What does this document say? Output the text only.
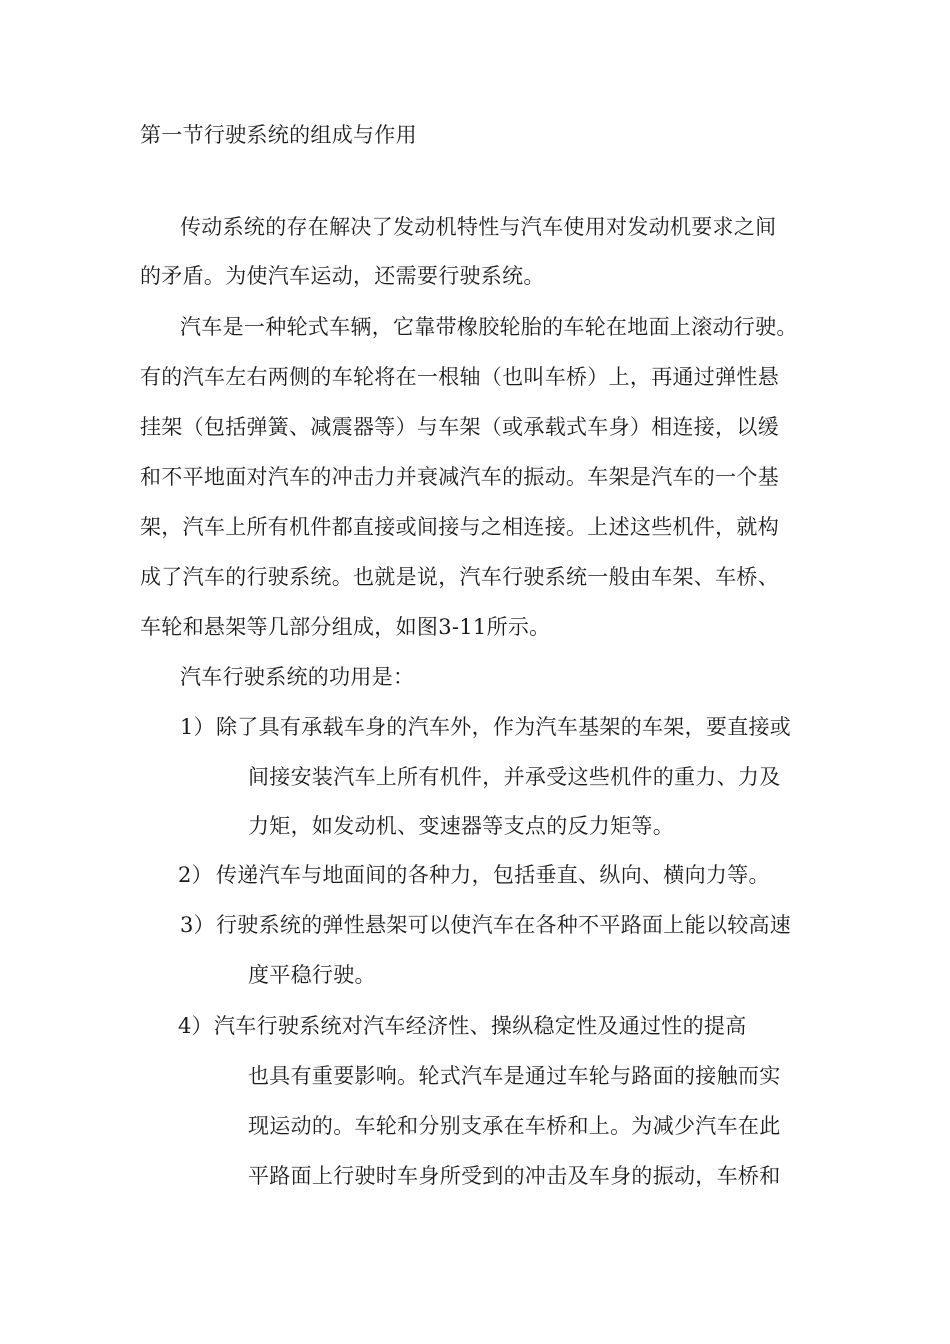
第一节行驶系统的组成与作用
传动系统的存在解决了发动机特性与汽车使用对发动机要求之间
的矛盾。为使汽车运动，还需要行驶系统。
汽车是一种轮式车辆，它靠带橡胶轮胎的车轮在地面上滚动行驶。
有的汽车左右两侧的车轮将在一根轴（也叫车桥）上，再通过弹性悬
挂架（包括弹簧、减震器等）与车架（或承载式车身）相连接，以缓
和不平地面对汽车的冲击力并衰减汽车的振动。车架是汽车的一个基
架，汽车上所有机件都直接或间接与之相连接。上述这些机件，就构
成了汽车的行驶系统。也就是说，汽车行驶系统一般由车架、车桥、
车轮和悬架等几部分组成，如图3-11所示。
汽车行驶系统的功用是：
1） 除了具有承载车身的汽车外，作为汽车基架的车架，要直接或
间接安装汽车上所有机件，并承受这些机件的重力、力及
力矩，如发动机、变速器等支点的反力矩等。
2） 传递汽车与地面间的各种力，包括垂直、纵向、横向力等。
3） 行驶系统的弹性悬架可以使汽车在各种不平路面上能以较高速
度平稳行驶。
4） 汽车行驶系统对汽车经济性、操纵稳定性及通过性的提高
也具有重要影响。轮式汽车是通过车轮与路面的接触而实
现运动的。车轮和分别支承在车桥和上。为减少汽车在此
平路面上行驶时车身所受到的冲击及车身的振动，车桥和
